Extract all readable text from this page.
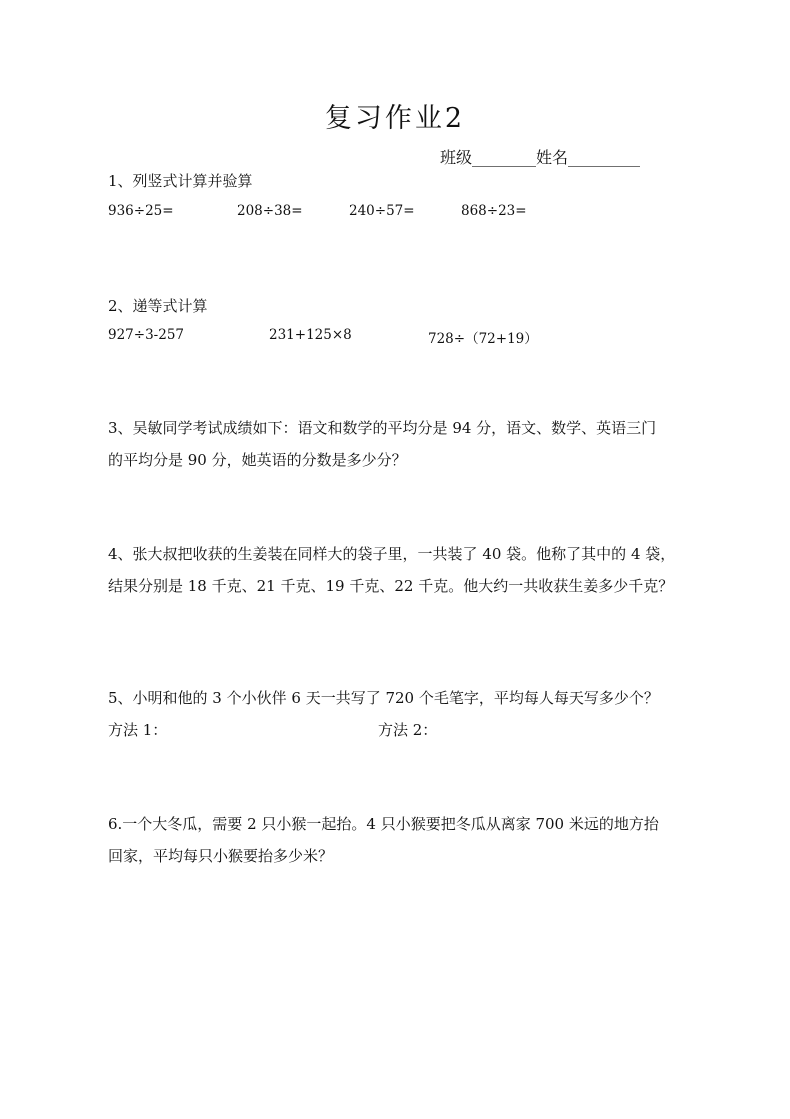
复习作业2
班级________姓名_________
1、列竖式计算并验算
936÷25=	208÷38=	240÷57=	868÷23=
2、递等式计算
927÷3-257	231+125×8	728÷（72+19）
3、吴敏同学考试成绩如下：语文和数学的平均分是 94 分，语文、数学、英语三门
的平均分是 90 分，她英语的分数是多少分？
4、张大叔把收获的生姜装在同样大的袋子里，一共装了 40 袋。他称了其中的 4 袋，
结果分别是 18 千克、21 千克、19 千克、22 千克。他大约一共收获生姜多少千克？
5、小明和他的 3 个小伙伴 6 天一共写了 720 个毛笔字，平均每人每天写多少个？
方法 1：	方法 2：
6.一个大冬瓜，需要 2 只小猴一起抬。4 只小猴要把冬瓜从离家 700 米远的地方抬
回家，平均每只小猴要抬多少米？
